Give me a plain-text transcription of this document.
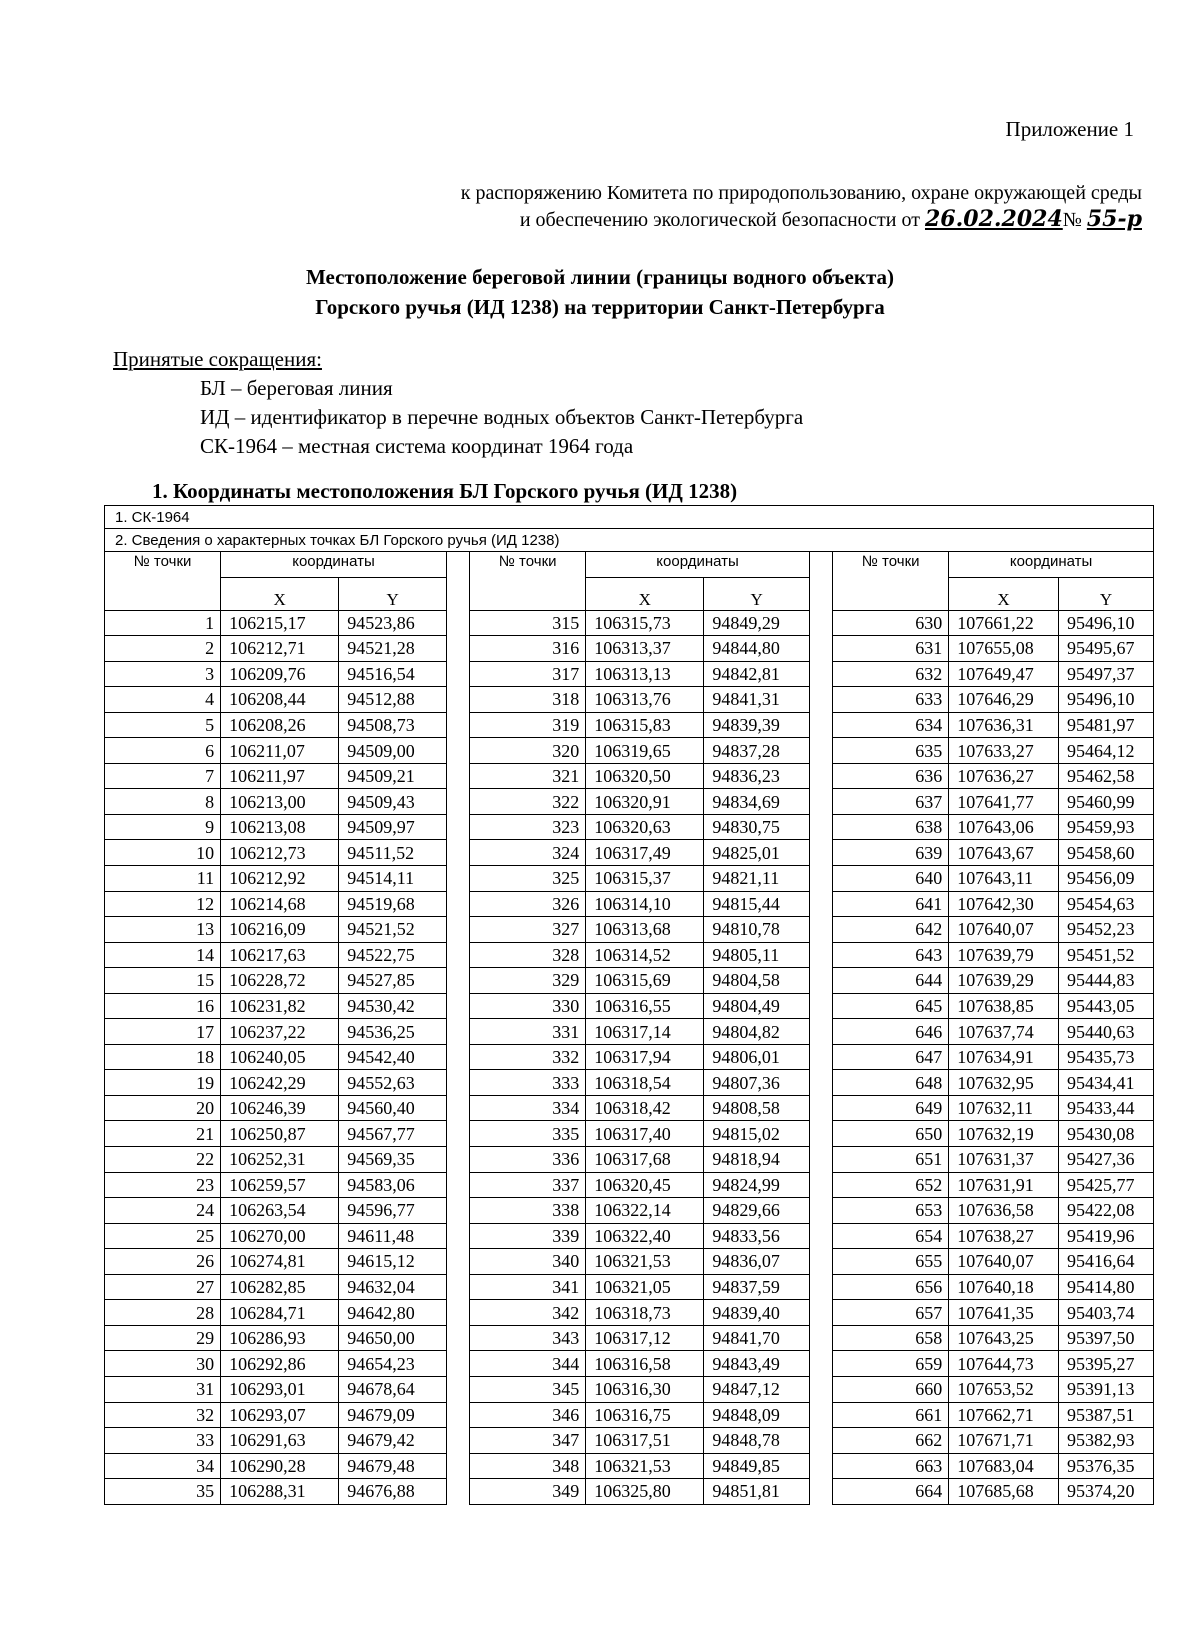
Приложение 1
к распоряжению Комитета по природопользованию, охране окружающей среды
и обеспечению экологической безопасности от 26.02.2024№ 55-р
Местоположение береговой линии (границы водного объекта)
Горского ручья (ИД 1238) на территории Санкт-Петербурга
Принятые сокращения:
БЛ – береговая линия
ИД – идентификатор в перечне водных объектов Санкт-Петербурга
СК-1964 – местная система координат 1964 года
1. Координаты местоположения БЛ Горского ручья (ИД 1238)
1. СК-1964
2. Сведения о характерных точках БЛ Горского ручья (ИД 1238)
№ точки	координаты			№ точки	координаты			№ точки	координаты	
	X	Y			X	Y			X	Y
1	106215,17	94523,86		315	106315,73	94849,29		630	107661,22	95496,10
2	106212,71	94521,28		316	106313,37	94844,80		631	107655,08	95495,67
3	106209,76	94516,54		317	106313,13	94842,81		632	107649,47	95497,37
4	106208,44	94512,88		318	106313,76	94841,31		633	107646,29	95496,10
5	106208,26	94508,73		319	106315,83	94839,39		634	107636,31	95481,97
6	106211,07	94509,00		320	106319,65	94837,28		635	107633,27	95464,12
7	106211,97	94509,21		321	106320,50	94836,23		636	107636,27	95462,58
8	106213,00	94509,43		322	106320,91	94834,69		637	107641,77	95460,99
9	106213,08	94509,97		323	106320,63	94830,75		638	107643,06	95459,93
10	106212,73	94511,52		324	106317,49	94825,01		639	107643,67	95458,60
11	106212,92	94514,11		325	106315,37	94821,11		640	107643,11	95456,09
12	106214,68	94519,68		326	106314,10	94815,44		641	107642,30	95454,63
13	106216,09	94521,52		327	106313,68	94810,78		642	107640,07	95452,23
14	106217,63	94522,75		328	106314,52	94805,11		643	107639,79	95451,52
15	106228,72	94527,85		329	106315,69	94804,58		644	107639,29	95444,83
16	106231,82	94530,42		330	106316,55	94804,49		645	107638,85	95443,05
17	106237,22	94536,25		331	106317,14	94804,82		646	107637,74	95440,63
18	106240,05	94542,40		332	106317,94	94806,01		647	107634,91	95435,73
19	106242,29	94552,63		333	106318,54	94807,36		648	107632,95	95434,41
20	106246,39	94560,40		334	106318,42	94808,58		649	107632,11	95433,44
21	106250,87	94567,77		335	106317,40	94815,02		650	107632,19	95430,08
22	106252,31	94569,35		336	106317,68	94818,94		651	107631,37	95427,36
23	106259,57	94583,06		337	106320,45	94824,99		652	107631,91	95425,77
24	106263,54	94596,77		338	106322,14	94829,66		653	107636,58	95422,08
25	106270,00	94611,48		339	106322,40	94833,56		654	107638,27	95419,96
26	106274,81	94615,12		340	106321,53	94836,07		655	107640,07	95416,64
27	106282,85	94632,04		341	106321,05	94837,59		656	107640,18	95414,80
28	106284,71	94642,80		342	106318,73	94839,40		657	107641,35	95403,74
29	106286,93	94650,00		343	106317,12	94841,70		658	107643,25	95397,50
30	106292,86	94654,23		344	106316,58	94843,49		659	107644,73	95395,27
31	106293,01	94678,64		345	106316,30	94847,12		660	107653,52	95391,13
32	106293,07	94679,09		346	106316,75	94848,09		661	107662,71	95387,51
33	106291,63	94679,42		347	106317,51	94848,78		662	107671,71	95382,93
34	106290,28	94679,48		348	106321,53	94849,85		663	107683,04	95376,35
35	106288,31	94676,88		349	106325,80	94851,81		664	107685,68	95374,20
